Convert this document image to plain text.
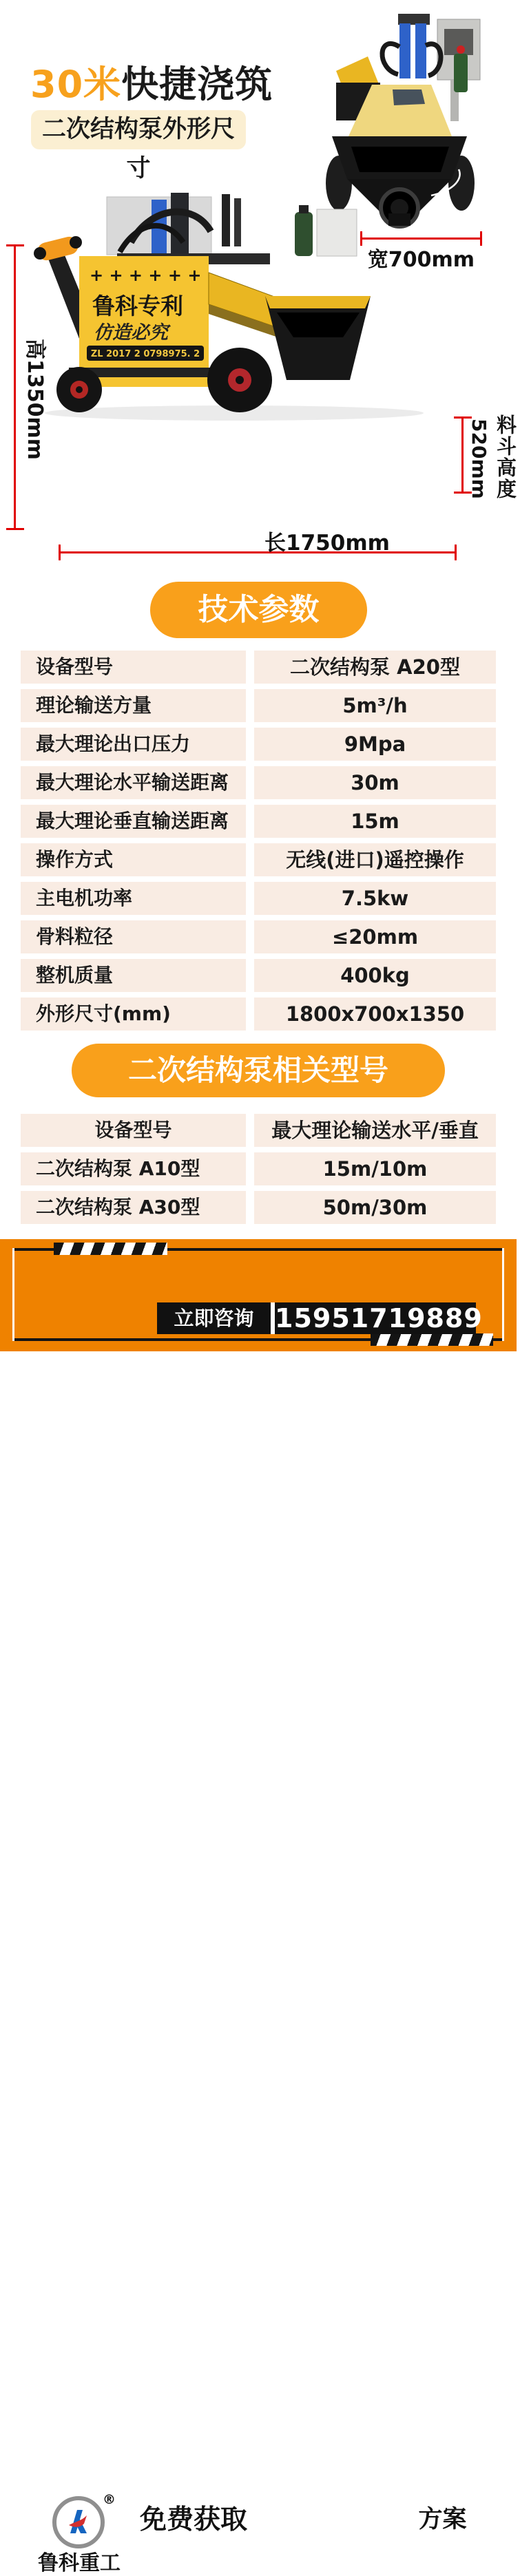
30米快捷浇筑
二次结构泵外形尺寸
宽700mm
+ + + + + +
鲁科专利
仿造必究
ZL 2017 2 0798975. 2
高1350mm	520mm 料斗高度
长1750mm
技术参数
设备型号	二次结构泵 A20型
理论输送方量	5m³/h
最大理论出口压力	9Mpa
最大理论水平输送距离	30m
最大理论垂直输送距离	15m
操作方式	无线(进口)遥控操作
主电机功率	7.5kw
骨料粒径	≤20mm
整机质量	400kg
外形尺寸(mm)	1800x700x1350
二次结构泵相关型号
设备型号	最大理论输送水平/垂直
二次结构泵 A10型	15m/10m
二次结构泵 A30型	50m/30m
®
鲁科重工
免费获取 “缩短工期” 方案
立即咨询 15951719889
